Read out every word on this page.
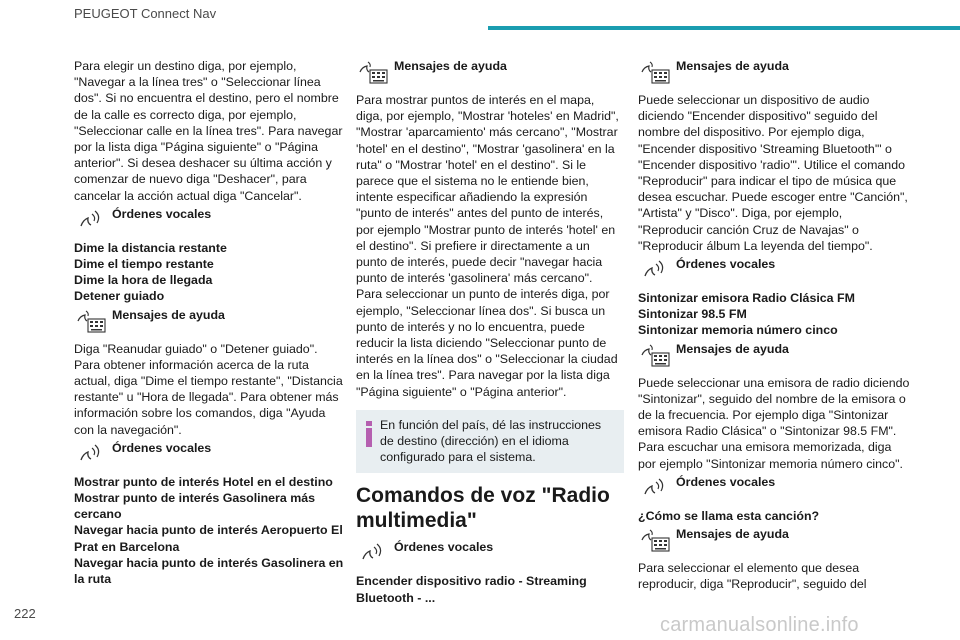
PEUGEOT Connect Nav

Para elegir un destino diga, por ejemplo, "Navegar a la línea tres" o "Seleccionar línea dos". Si no encuentra el destino, pero el nombre de la calle es correcto diga, por ejemplo, "Seleccionar calle en la línea tres". Para navegar por la lista diga "Página siguiente" o "Página anterior". Si desea deshacer su última acción y comenzar de nuevo diga "Deshacer", para cancelar la acción actual diga "Cancelar".

Órdenes vocales
Dime la distancia restante
Dime el tiempo restante
Dime la hora de llegada
Detener guiado
Mensajes de ayuda

Diga "Reanudar guiado" o "Detener guiado". Para obtener información acerca de la ruta actual, diga "Dime el tiempo restante", "Distancia restante" u "Hora de llegada". Para obtener más información sobre los comandos, diga "Ayuda con la navegación".

Órdenes vocales
Mostrar punto de interés Hotel en el destino
Mostrar punto de interés Gasolinera más cercano
Navegar hacia punto de interés Aeropuerto El Prat en Barcelona
Navegar hacia punto de interés Gasolinera en la ruta
Mensajes de ayuda

Para mostrar puntos de interés en el mapa, diga, por ejemplo, "Mostrar 'hoteles' en Madrid", "Mostrar 'aparcamiento' más cercano", "Mostrar 'hotel' en el destino", "Mostrar 'gasolinera' en la ruta" o "Mostrar 'hotel' en el destino". Si le parece que el sistema no le entiende bien, intente especificar añadiendo la expresión "punto de interés" antes del punto de interés, por ejemplo "Mostrar punto de interés 'hotel' en el destino". Si prefiere ir directamente a un punto de interés, puede decir "navegar hacia punto de interés 'gasolinera' más cercano".

Para seleccionar un punto de interés diga, por ejemplo, "Seleccionar línea dos". Si busca un punto de interés y no lo encuentra, puede reducir la lista diciendo "Seleccionar punto de interés en la línea dos" o "Seleccionar la ciudad en la línea tres". Para navegar por la lista diga "Página siguiente" o "Página anterior".

En función del país, dé las instrucciones de destino (dirección) en el idioma configurado para el sistema.
Comandos de voz "Radio multimedia"
Órdenes vocales
Encender dispositivo radio - Streaming Bluetooth - ...
Mensajes de ayuda

Puede seleccionar un dispositivo de audio diciendo "Encender dispositivo" seguido del nombre del dispositivo. Por ejemplo diga, "Encender dispositivo 'Streaming Bluetooth'" o "Encender dispositivo 'radio'". Utilice el comando "Reproducir" para indicar el tipo de música que desea escuchar. Puede escoger entre "Canción", "Artista" y "Disco". Diga, por ejemplo, "Reproducir canción Cruz de Navajas" o "Reproducir álbum La leyenda del tiempo".

Órdenes vocales
Sintonizar emisora Radio Clásica FM
Sintonizar 98.5 FM
Sintonizar memoria número cinco
Mensajes de ayuda

Puede seleccionar una emisora de radio diciendo "Sintonizar", seguido del nombre de la emisora o de la frecuencia. Por ejemplo diga "Sintonizar emisora Radio Clásica" o "Sintonizar 98.5 FM". Para escuchar una emisora memorizada, diga por ejemplo "Sintonizar memoria número cinco".

Órdenes vocales
¿Cómo se llama esta canción?
Mensajes de ayuda

Para seleccionar el elemento que desea reproducir, diga "Reproducir", seguido del

222
carmanualsonline.info
